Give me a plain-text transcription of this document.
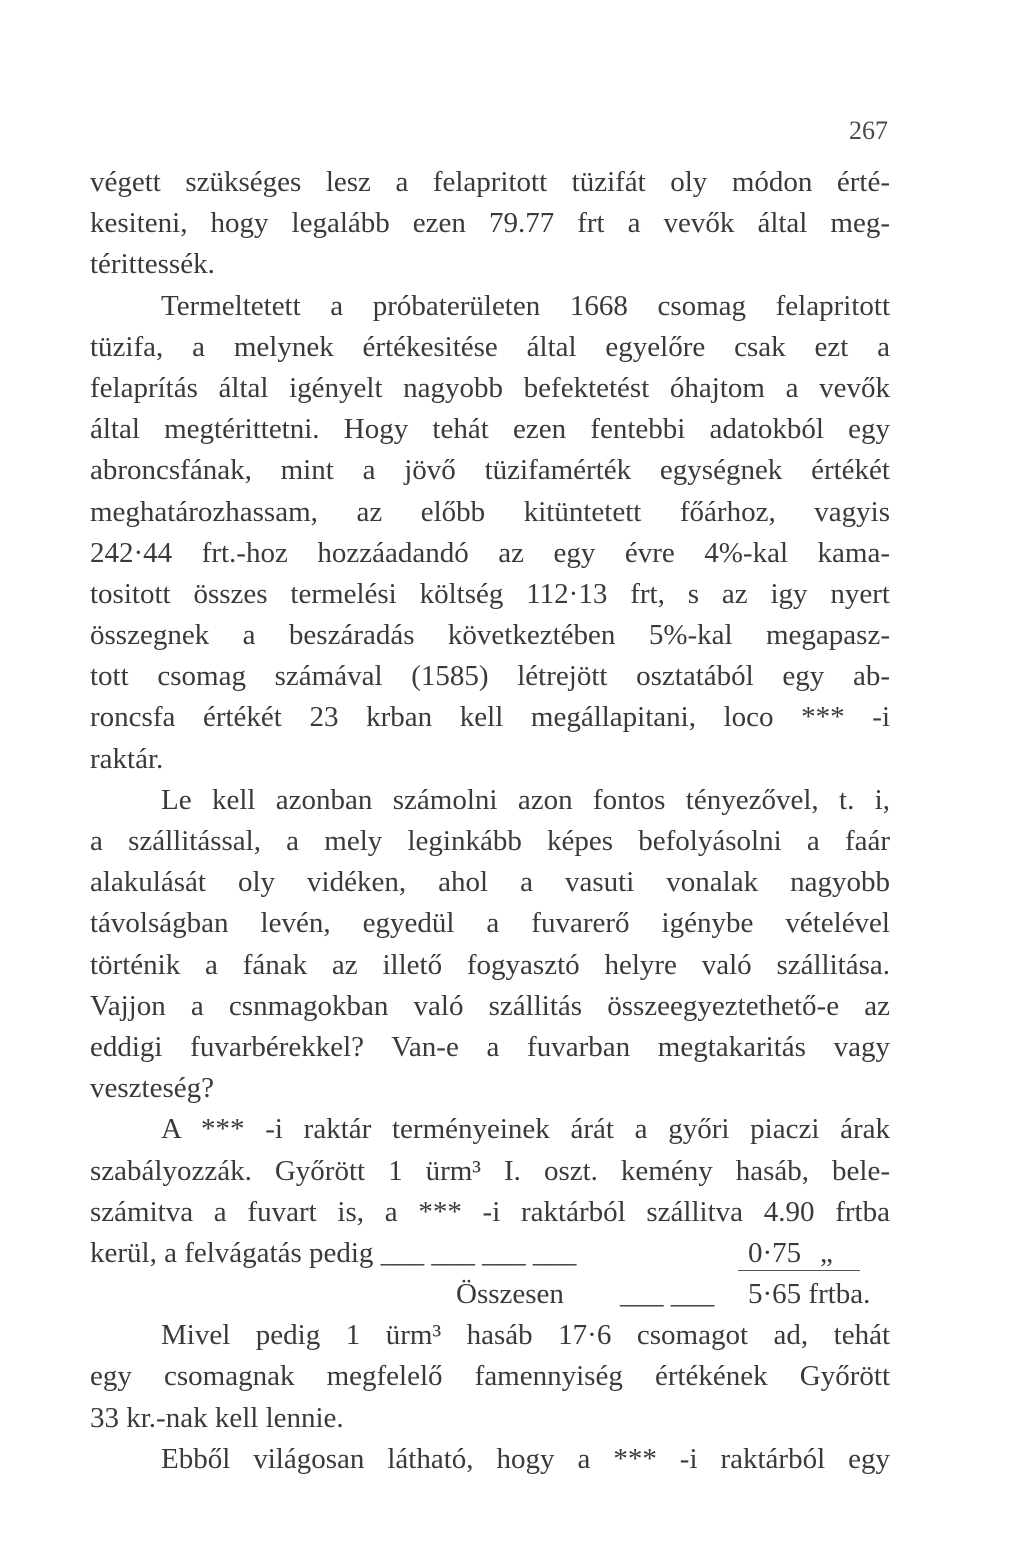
267
végett szükséges lesz a felapritott tüzifát oly módon érté-
kesiteni, hogy legalább ezen 79.77 frt a vevők által meg-
térittessék.
Termeltetett a próbaterületen 1668 csomag felapritott
tüzifa, a melynek értékesitése által egyelőre csak ezt a
felaprítás által igényelt nagyobb befektetést óhajtom a vevők
által megtérittetni. Hogy tehát ezen fentebbi adatokból egy
abroncsfának, mint a jövő tüzifamérték egységnek értékét
meghatározhassam, az előbb kitüntetett főárhoz, vagyis
242·44 frt.-hoz hozzáadandó az egy évre 4%-kal kama-
tositott összes termelési költség 112·13 frt, s az igy nyert
összegnek a beszáradás következtében 5%-kal megapasz-
tott csomag számával (1585) létrejött osztatából egy ab-
roncsfa értékét 23 krban kell megállapitani, loco *** -i
raktár.
Le kell azonban számolni azon fontos tényezővel, t. i,
a szállitással, a mely leginkább képes befolyásolni a faár
alakulását oly vidéken, ahol a vasuti vonalak nagyobb
távolságban levén, egyedül a fuvarerő igénybe vételével
történik a fának az illető fogyasztó helyre való szállitása.
Vajjon a csnmagokban való szállitás összeegyeztethető-e az
eddigi fuvarbérekkel? Van-e a fuvarban megtakaritás vagy
veszteség?
A *** -i raktár terményeinek árát a győri piaczi árak
szabályozzák. Győrött 1 ürm³ I. oszt. kemény hasáb, bele-
számitva a fuvart is, a *** -i raktárból szállitva 4.90 frtba
kerül, a felvágatás pedig ___ ___ ___ ___	0·75 „
Összesen ___ ___ 5·65 frtba.
Mivel pedig 1 ürm³ hasáb 17·6 csomagot ad, tehát
egy csomagnak megfelelő famennyiség értékének Győrött
33 kr.-nak kell lennie.
Ebből világosan látható, hogy a *** -i raktárból egy
